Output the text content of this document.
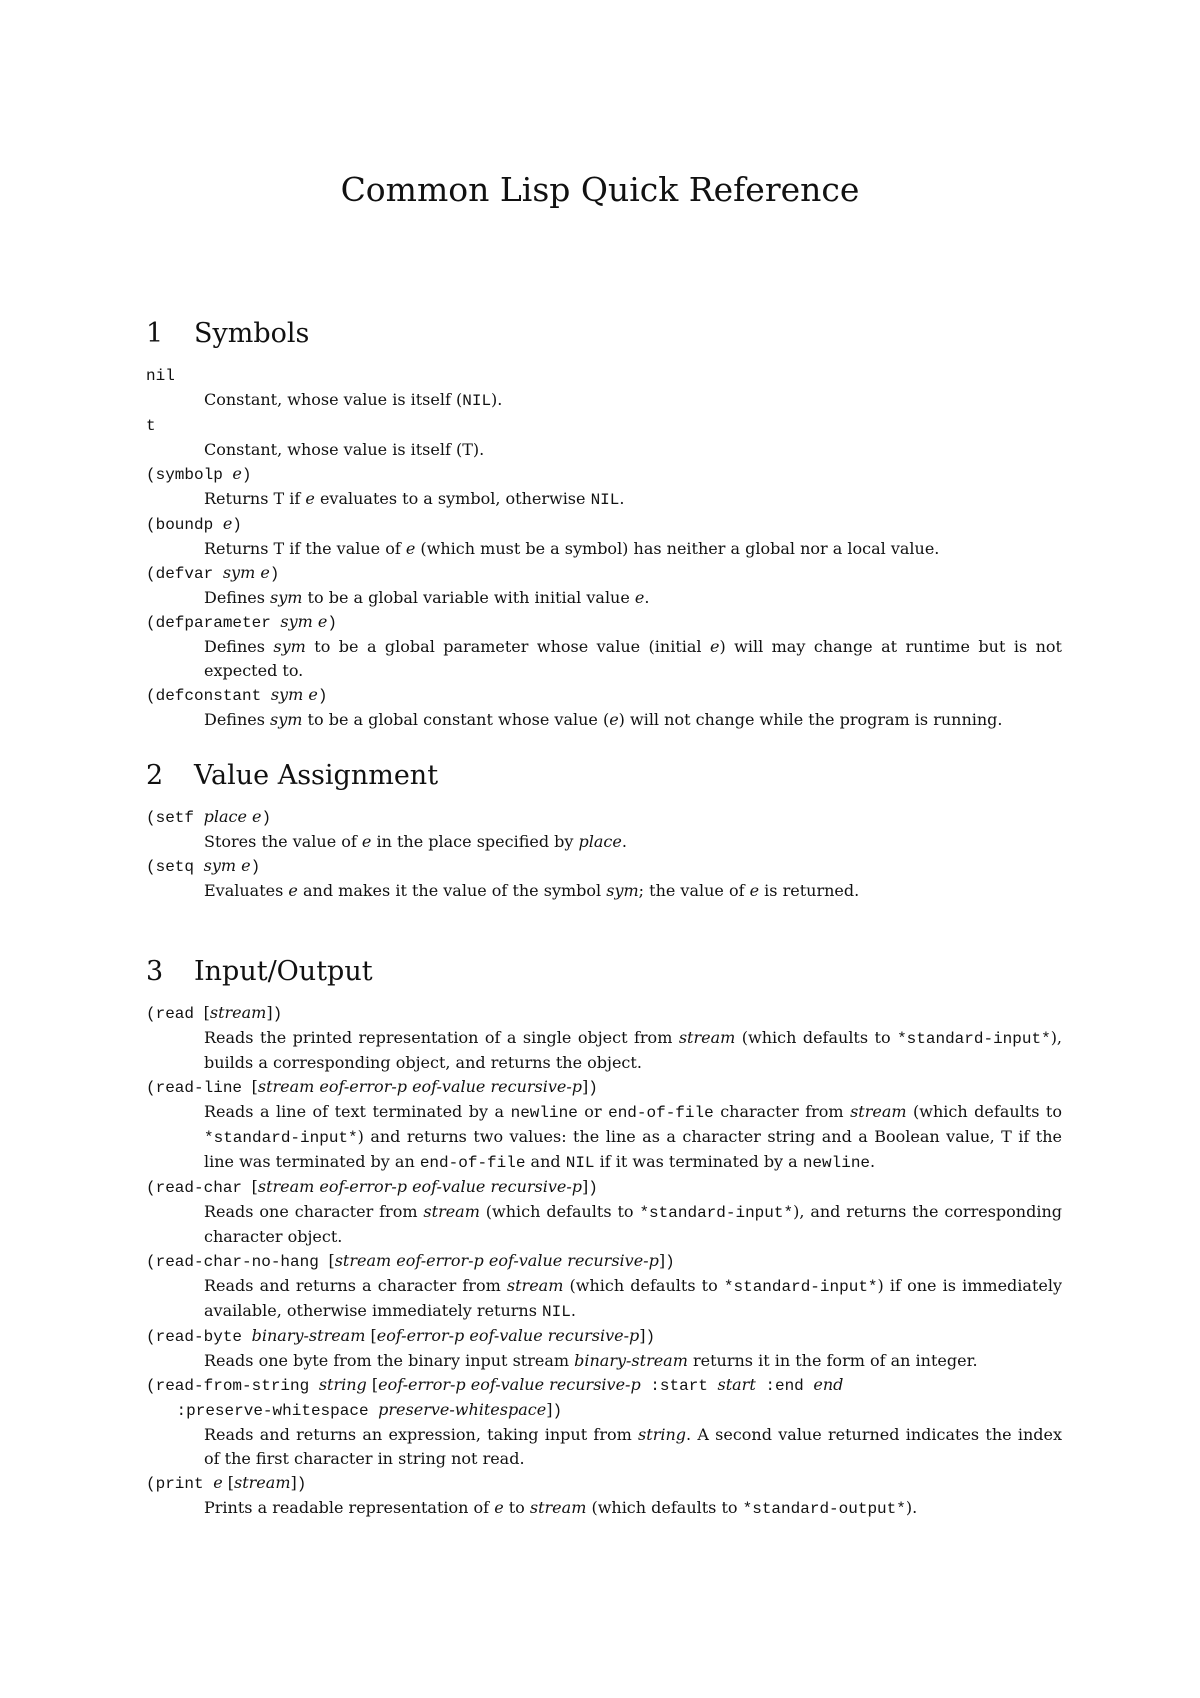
Common Lisp Quick Reference
1	Symbols
nil
Constant, whose value is itself (NIL).
t
Constant, whose value is itself (T).
(symbolp e)
Returns T if e evaluates to a symbol, otherwise NIL.
(boundp e)
Returns T if the value of e (which must be a symbol) has neither a global nor a local value.
(defvar sym e)
Defines sym to be a global variable with initial value e.
(defparameter sym e)
Defines sym to be a global parameter whose value (initial e) will may change at runtime but is not expected to.
(defconstant sym e)
Defines sym to be a global constant whose value (e) will not change while the program is running.
2	Value Assignment
(setf place e)
Stores the value of e in the place specified by place.
(setq sym e)
Evaluates e and makes it the value of the symbol sym; the value of e is returned.
3	Input/Output
(read [stream])
Reads the printed representation of a single object from stream (which defaults to *standard-input*), builds a corresponding object, and returns the object.
(read-line [stream eof-error-p eof-value recursive-p])
Reads a line of text terminated by a newline or end-of-file character from stream (which defaults to *standard-input*) and returns two values: the line as a character string and a Boolean value, T if the line was terminated by an end-of-file and NIL if it was terminated by a newline.
(read-char [stream eof-error-p eof-value recursive-p])
Reads one character from stream (which defaults to *standard-input*), and returns the corresponding character object.
(read-char-no-hang [stream eof-error-p eof-value recursive-p])
Reads and returns a character from stream (which defaults to *standard-input*) if one is immediately available, otherwise immediately returns NIL.
(read-byte binary-stream [eof-error-p eof-value recursive-p])
Reads one byte from the binary input stream binary-stream returns it in the form of an integer.
(read-from-string string [eof-error-p eof-value recursive-p :start start :end end
:preserve-whitespace preserve-whitespace])
Reads and returns an expression, taking input from string. A second value returned indicates the index of the first character in string not read.
(print e [stream])
Prints a readable representation of e to stream (which defaults to *standard-output*).
